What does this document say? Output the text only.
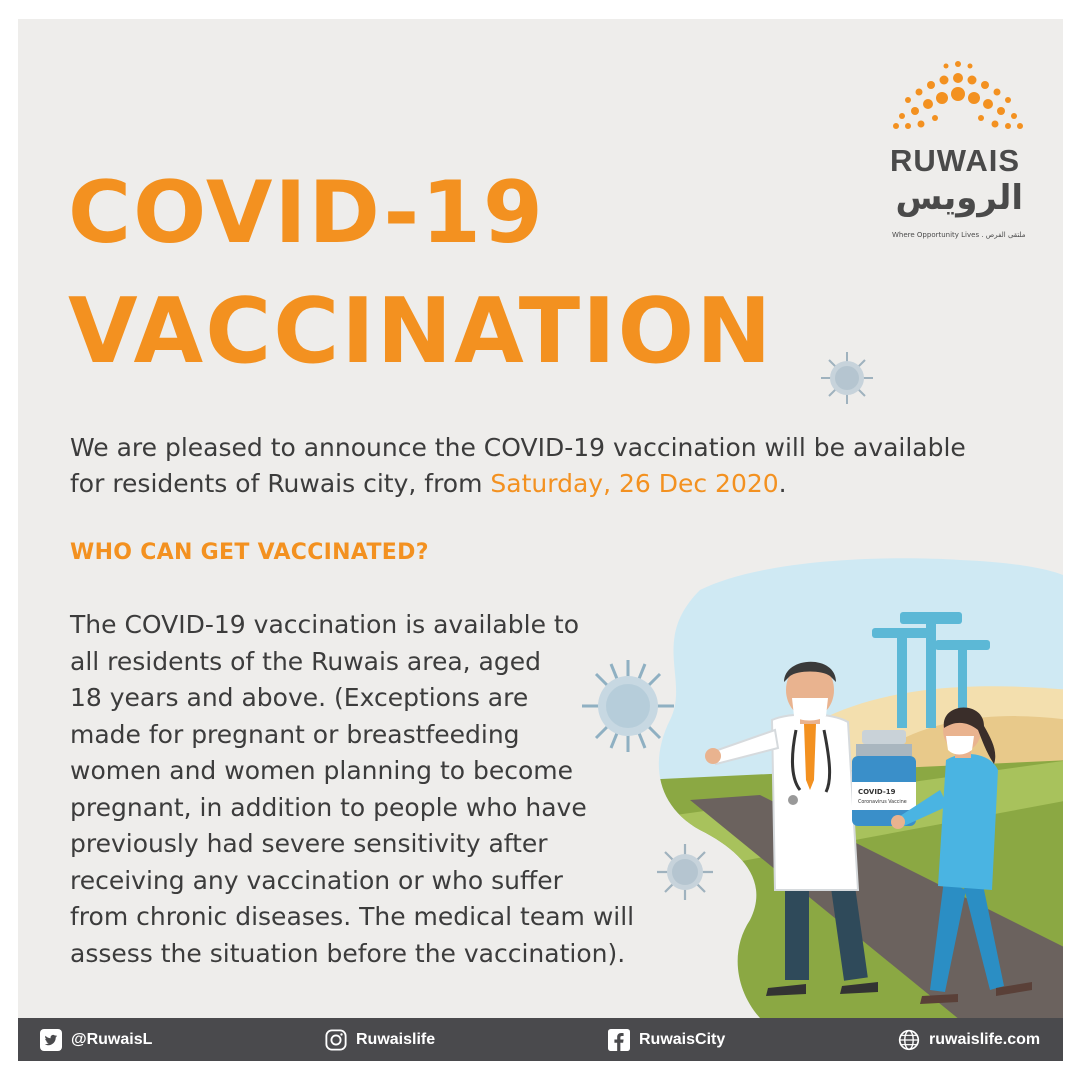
RUWAIS
الرويس
Where Opportunity Lives . ملتقى الفرص
COVID-19
VACCINATION

We are pleased to announce the COVID-19 vaccination will be available
for residents of Ruwais city, from Saturday, 26 Dec 2020.

WHO CAN GET VACCINATED?
COVID-19
Coronavirus Vaccine

The COVID-19 vaccination is available to
all residents of the Ruwais area, aged
18 years and above. (Exceptions are
made for pregnant or breastfeeding
women and women planning to become
pregnant, in addition to people who have
previously had severe sensitivity after
receiving any vaccination or who suffer
from chronic diseases. The medical team will
assess the situation before the vaccination).

@RuwaisL	Ruwaislife	RuwaisCity	ruwaislife.com
